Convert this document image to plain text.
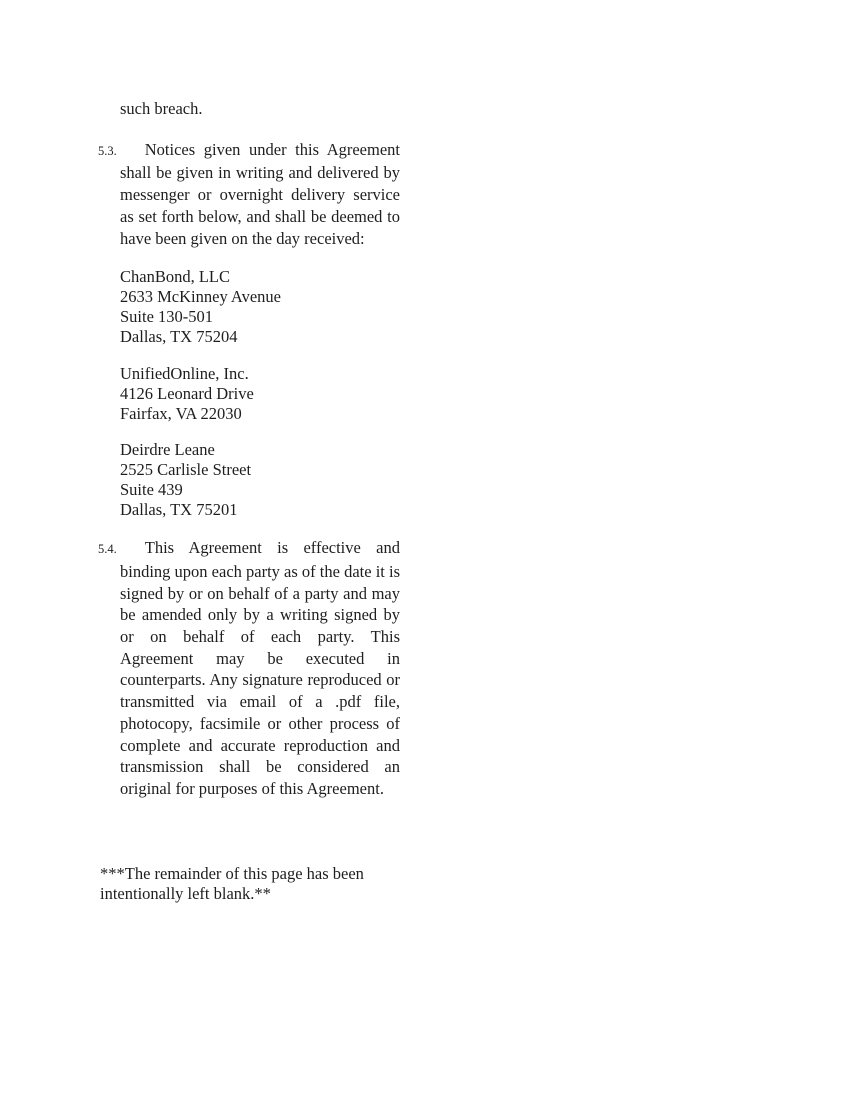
such breach.

5.3. Notices given under this Agreement shall be given in writing and delivered by messenger or overnight delivery service as set forth below, and shall be deemed to have been given on the day received:

ChanBond, LLC
2633 McKinney Avenue
Suite 130-501
Dallas, TX 75204
UnifiedOnline, Inc.
4126 Leonard Drive
Fairfax, VA 22030
Deirdre Leane
2525 Carlisle Street
Suite 439
Dallas, TX 75201

5.4. This Agreement is effective and binding upon each party as of the date it is signed by or on behalf of a party and may be amended only by a writing signed by or on behalf of each party. This Agreement may be executed in counterparts. Any signature reproduced or transmitted via email of a .pdf file, photocopy, facsimile or other process of complete and accurate reproduction and transmission shall be considered an original for purposes of this Agreement.

***The remainder of this page has been intentionally left blank.**
